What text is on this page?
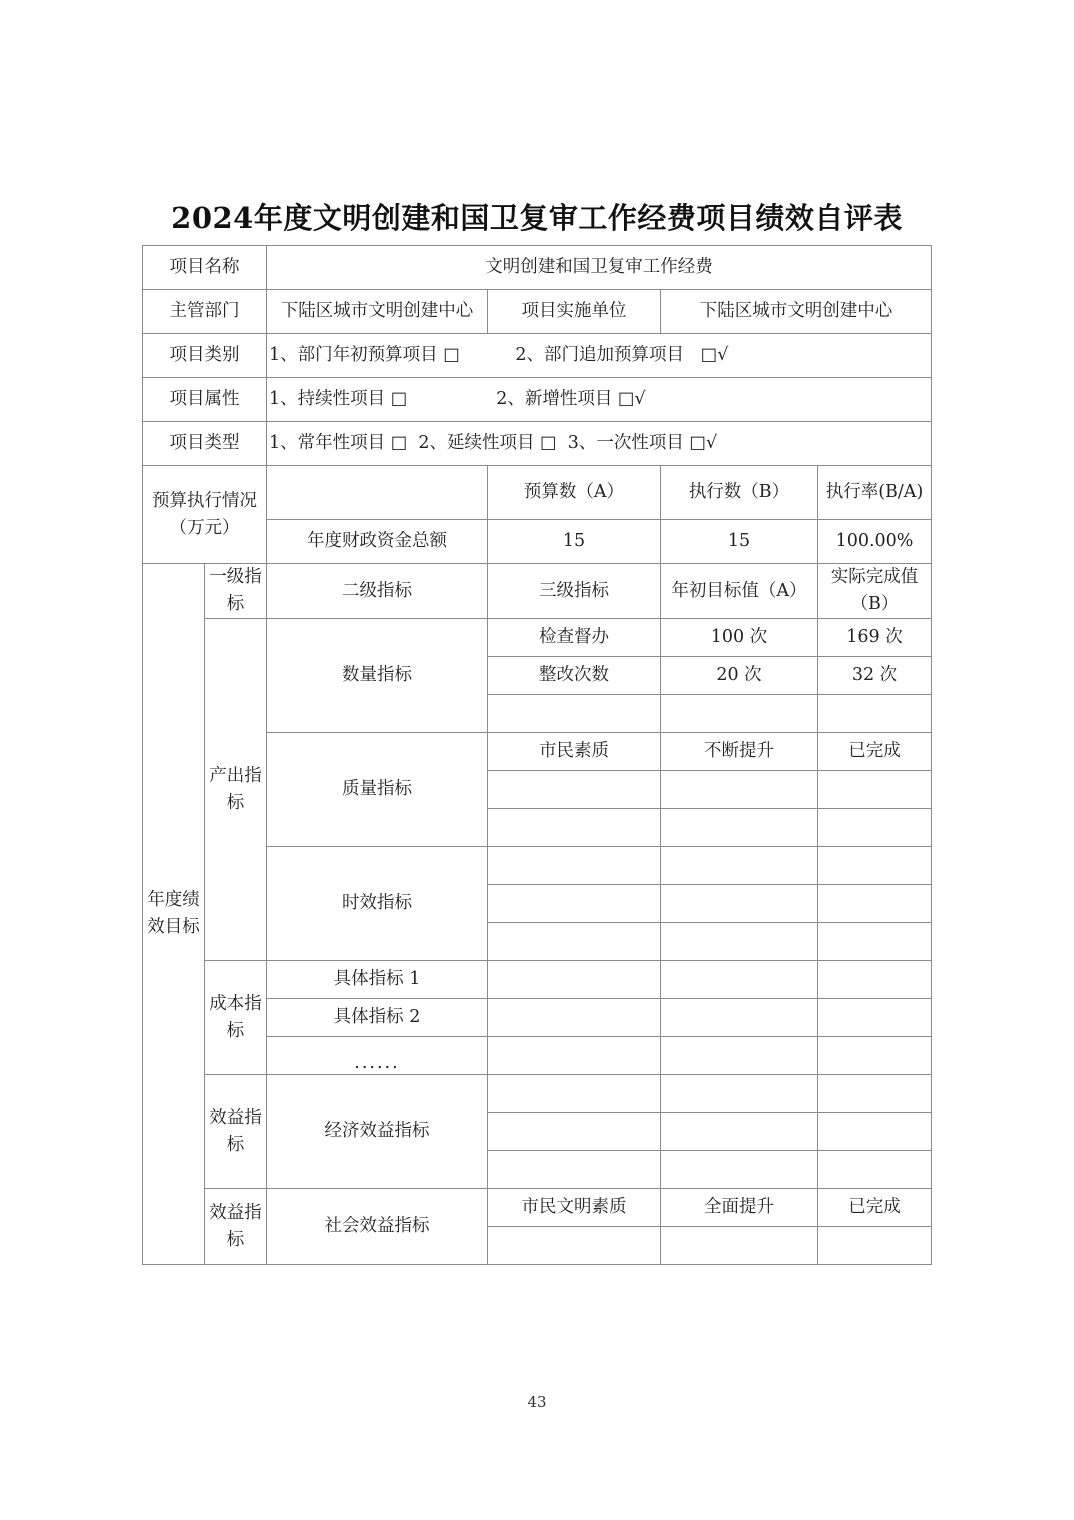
2024年度文明创建和国卫复审工作经费项目绩效自评表
项目名称		文明创建和国卫复审工作经费			
主管部门		下陆区城市文明创建中心	项目实施单位	下陆区城市文明创建中心	
项目类别		1、部门年初预算项目 □          2、部门追加预算项目   □√			
项目属性		1、持续性项目 □                2、新增性项目 □√			
项目类型		1、常年性项目 □  2、延续性项目 □  3、一次性项目 □√			
预算执行情况（万元）			预算数（A）	执行数（B）	执行率(B/A)
		年度财政资金总额	15	15	100.00%
年度绩效目标	一级指标	二级指标	三级指标	年初目标值（A）	实际完成值（B）
	产出指标	数量指标	检查督办	100 次	169 次
			整改次数	20 次	32 次

		质量指标	市民素质	不断提升	已完成

		时效指标			

	成本指标	具体指标 1			
		具体指标 2			
		......			
	效益指标	经济效益指标			

	效益指标	社会效益指标	市民文明素质	全面提升	已完成

43
